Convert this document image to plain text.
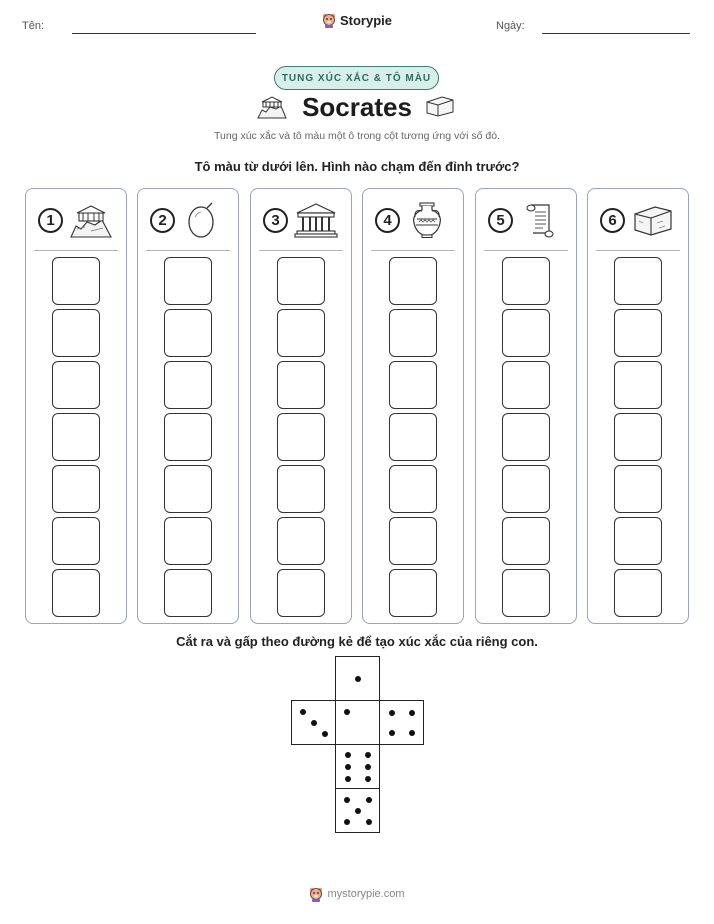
Tên:	Storypie	Ngày:
TUNG XÚC XẮC & TÔ MÀU
Socrates
Tung xúc xắc và tô màu một ô trong cột tương ứng với số đó.
Tô màu từ dưới lên. Hình nào chạm đến đỉnh trước?
1	2	3	4	5	6
Cắt ra và gấp theo đường kẻ để tạo xúc xắc của riêng con.
mystorypie.com
